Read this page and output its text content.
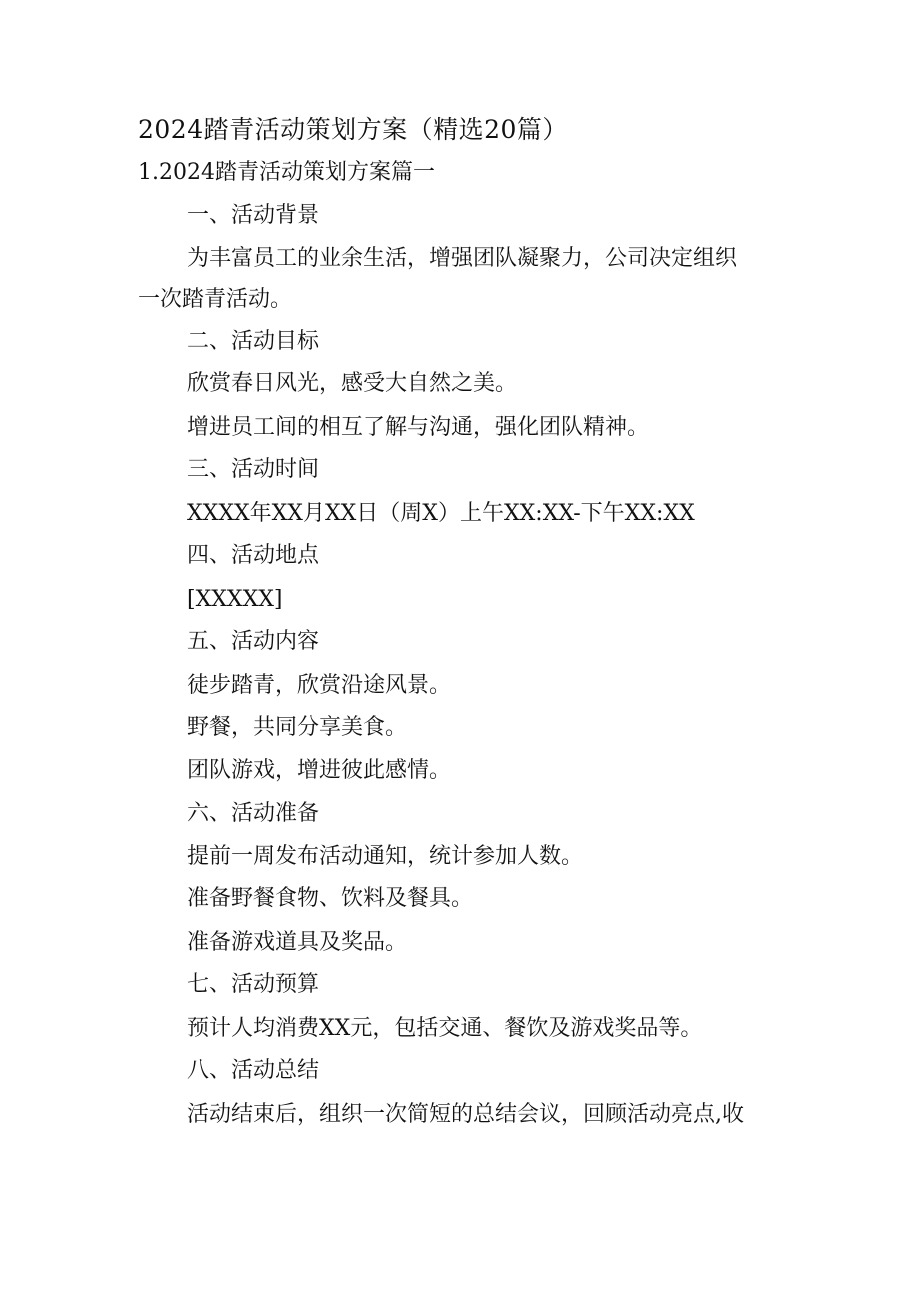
2024踏青活动策划方案（精选20篇）
1.2024踏青活动策划方案篇一
一、活动背景
为丰富员工的业余生活，增强团队凝聚力，公司决定组织
一次踏青活动。
二、活动目标
欣赏春日风光，感受大自然之美。
增进员工间的相互了解与沟通，强化团队精神。
三、活动时间
XXXX年XX月XX日（周X）上午XX:XX-下午XX:XX
四、活动地点
[XXXXX]
五、活动内容
徒步踏青，欣赏沿途风景。
野餐，共同分享美食。
团队游戏，增进彼此感情。
六、活动准备
提前一周发布活动通知，统计参加人数。
准备野餐食物、饮料及餐具。
准备游戏道具及奖品。
七、活动预算
预计人均消费XX元，包括交通、餐饮及游戏奖品等。
八、活动总结
活动结束后，组织一次简短的总结会议，回顾活动亮点,收
